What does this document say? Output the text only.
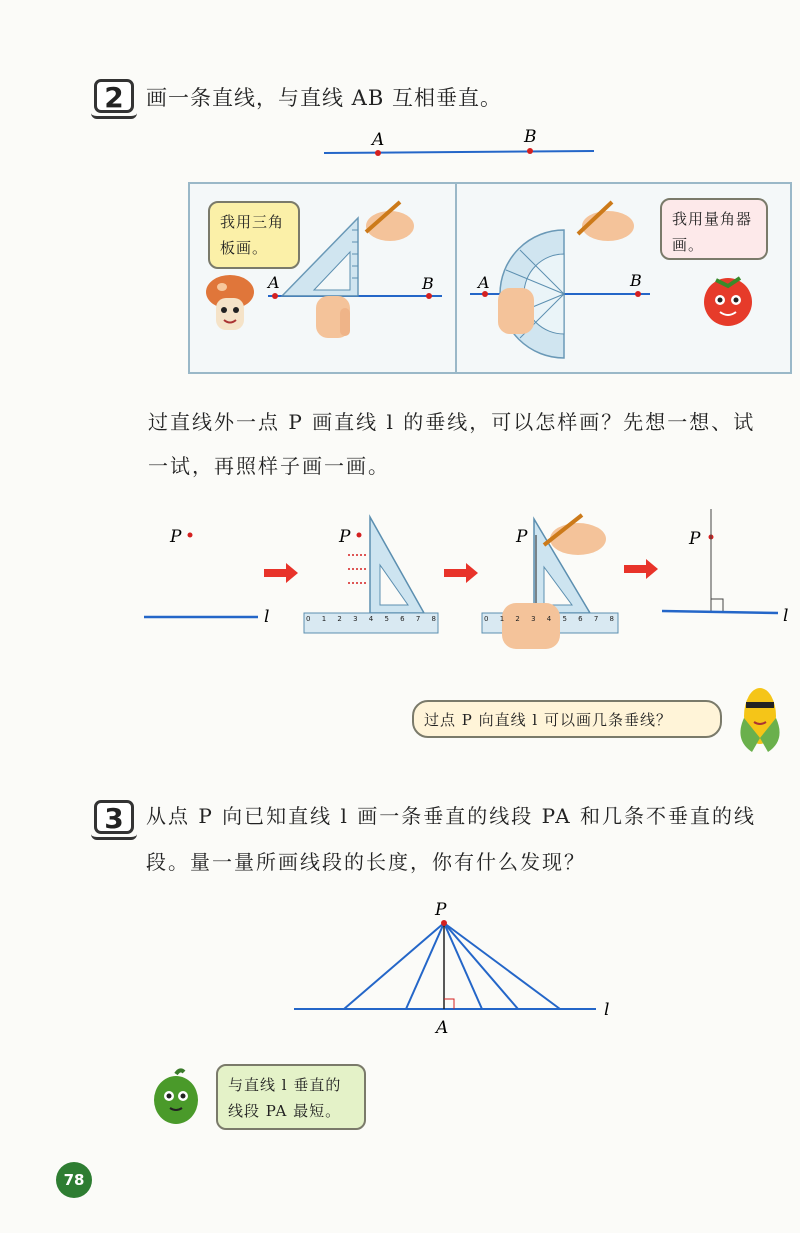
2	画一条直线，与直线 AB 互相垂直。
A	B
我用三角板画。
A	B	A	B
我用量角器画。
过直线外一点 P 画直线 l 的垂线，可以怎样画？先想一想、试
一试，再照样子画一画。
P
l
P	P	P
l
0 1 2 3 4 5 6 7 8	0 1 2 3 4 5 6 7 8
过点 P 向直线 l 可以画几条垂线？
3	从点 P 向已知直线 l 画一条垂直的线段 PA 和几条不垂直的线
段。量一量所画线段的长度，你有什么发现？
P
A
l
与直线 l 垂直的
线段 PA 最短。
78
